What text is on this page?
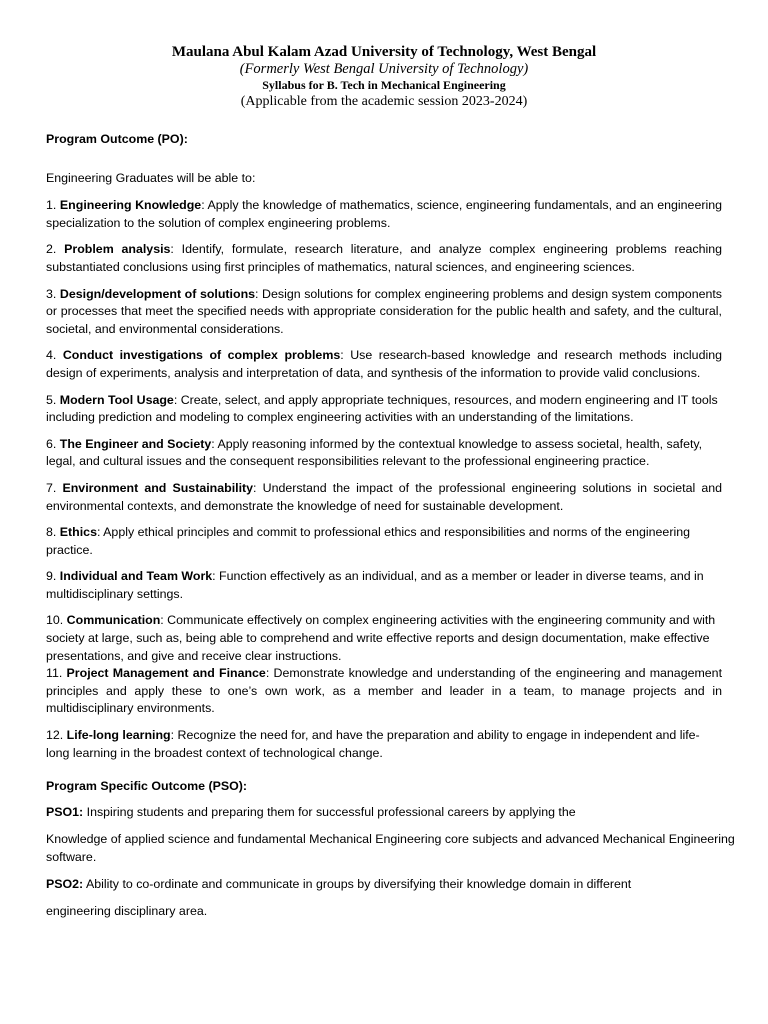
Maulana Abul Kalam Azad University of Technology, West Bengal
(Formerly West Bengal University of Technology)
Syllabus for B. Tech in Mechanical Engineering
(Applicable from the academic session 2023-2024)

Program Outcome (PO):

Engineering Graduates will be able to:

1. Engineering Knowledge: Apply the knowledge of mathematics, science, engineering fundamentals, and an engineering specialization to the solution of complex engineering problems.

2. Problem analysis: Identify, formulate, research literature, and analyze complex engineering problems reaching substantiated conclusions using first principles of mathematics, natural sciences, and engineering sciences.

3. Design/development of solutions: Design solutions for complex engineering problems and design system components or processes that meet the specified needs with appropriate consideration for the public health and safety, and the cultural, societal, and environmental considerations.

4. Conduct investigations of complex problems: Use research-based knowledge and research methods including design of experiments, analysis and interpretation of data, and synthesis of the information to provide valid conclusions.

5. Modern Tool Usage: Create, select, and apply appropriate techniques, resources, and modern engineering and IT tools including prediction and modeling to complex engineering activities with an understanding of the limitations.

6. The Engineer and Society: Apply reasoning informed by the contextual knowledge to assess societal, health, safety, legal, and cultural issues and the consequent responsibilities relevant to the professional engineering practice.

7. Environment and Sustainability: Understand the impact of the professional engineering solutions in societal and environmental contexts, and demonstrate the knowledge of need for sustainable development.

8. Ethics: Apply ethical principles and commit to professional ethics and responsibilities and norms of the engineering practice.

9. Individual and Team Work: Function effectively as an individual, and as a member or leader in diverse teams, and in multidisciplinary settings.

10. Communication: Communicate effectively on complex engineering activities with the engineering community and with society at large, such as, being able to comprehend and write effective reports and design documentation, make effective presentations, and give and receive clear instructions.

11. Project Management and Finance: Demonstrate knowledge and understanding of the engineering and management principles and apply these to one’s own work, as a member and leader in a team, to manage projects and in multidisciplinary environments.

12. Life-long learning: Recognize the need for, and have the preparation and ability to engage in independent and life-long learning in the broadest context of technological change.

Program Specific Outcome (PSO):

PSO1: Inspiring students and preparing them for successful professional careers by applying the

Knowledge of applied science and fundamental Mechanical Engineering core subjects and advanced Mechanical Engineering software.

PSO2: Ability to co-ordinate and communicate in groups by diversifying their knowledge domain in different

engineering disciplinary area.
